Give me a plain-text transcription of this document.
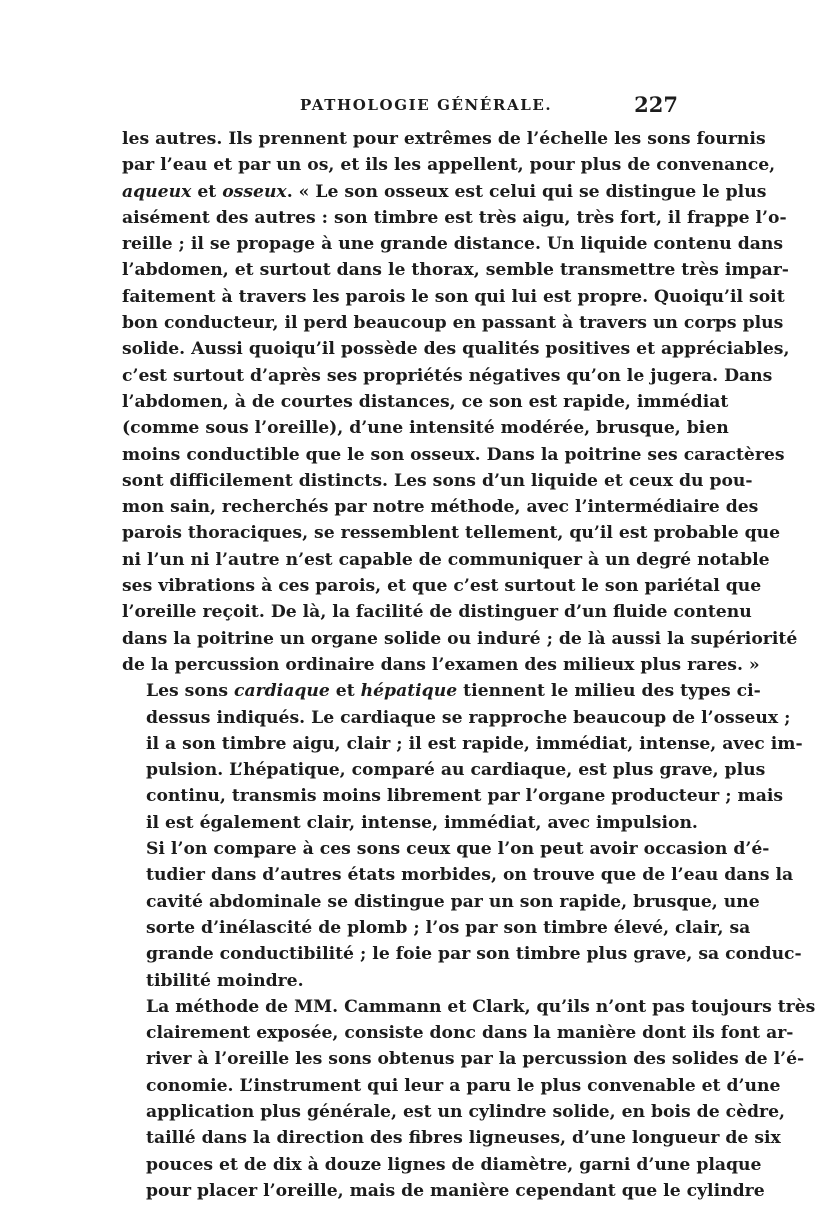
PATHOLOGIE GÉNÉRALE.	227
les autres. Ils prennent pour extrêmes de l’échelle les sons fournis
par l’eau et par un os, et ils les appellent, pour plus de convenance,
aqueux et osseux. « Le son osseux est celui qui se distingue le plus
aisément des autres : son timbre est très aigu, très fort, il frappe l’o-
reille ; il se propage à une grande distance. Un liquide contenu dans
l’abdomen, et surtout dans le thorax, semble transmettre très impar-
faitement à travers les parois le son qui lui est propre. Quoiqu’il soit
bon conducteur, il perd beaucoup en passant à travers un corps plus
solide. Aussi quoiqu’il possède des qualités positives et appréciables,
c’est surtout d’après ses propriétés négatives qu’on le jugera. Dans
l’abdomen, à de courtes distances, ce son est rapide, immédiat
(comme sous l’oreille), d’une intensité modérée, brusque, bien
moins conductible que le son osseux. Dans la poitrine ses caractères
sont difficilement distincts. Les sons d’un liquide et ceux du pou-
mon sain, recherchés par notre méthode, avec l’intermédiaire des
parois thoraciques, se ressemblent tellement, qu’il est probable que
ni l’un ni l’autre n’est capable de communiquer à un degré notable
ses vibrations à ces parois, et que c’est surtout le son pariétal que
l’oreille reçoit. De là, la facilité de distinguer d’un fluide contenu
dans la poitrine un organe solide ou induré ; de là aussi la supériorité
de la percussion ordinaire dans l’examen des milieux plus rares. »
Les sons cardiaque et hépatique tiennent le milieu des types ci-
dessus indiqués. Le cardiaque se rapproche beaucoup de l’osseux ;
il a son timbre aigu, clair ; il est rapide, immédiat, intense, avec im-
pulsion. L’hépatique, comparé au cardiaque, est plus grave, plus
continu, transmis moins librement par l’organe producteur ; mais
il est également clair, intense, immédiat, avec impulsion.
Si l’on compare à ces sons ceux que l’on peut avoir occasion d’é-
tudier dans d’autres états morbides, on trouve que de l’eau dans la
cavité abdominale se distingue par un son rapide, brusque, une
sorte d’inélascité de plomb ; l’os par son timbre élevé, clair, sa
grande conductibilité ; le foie par son timbre plus grave, sa conduc-
tibilité moindre.
La méthode de MM. Cammann et Clark, qu’ils n’ont pas toujours très
clairement exposée, consiste donc dans la manière dont ils font ar-
river à l’oreille les sons obtenus par la percussion des solides de l’é-
conomie. L’instrument qui leur a paru le plus convenable et d’une
application plus générale, est un cylindre solide, en bois de cèdre,
taillé dans la direction des fibres ligneuses, d’une longueur de six
pouces et de dix à douze lignes de diamètre, garni d’une plaque
pour placer l’oreille, mais de manière cependant que le cylindre
